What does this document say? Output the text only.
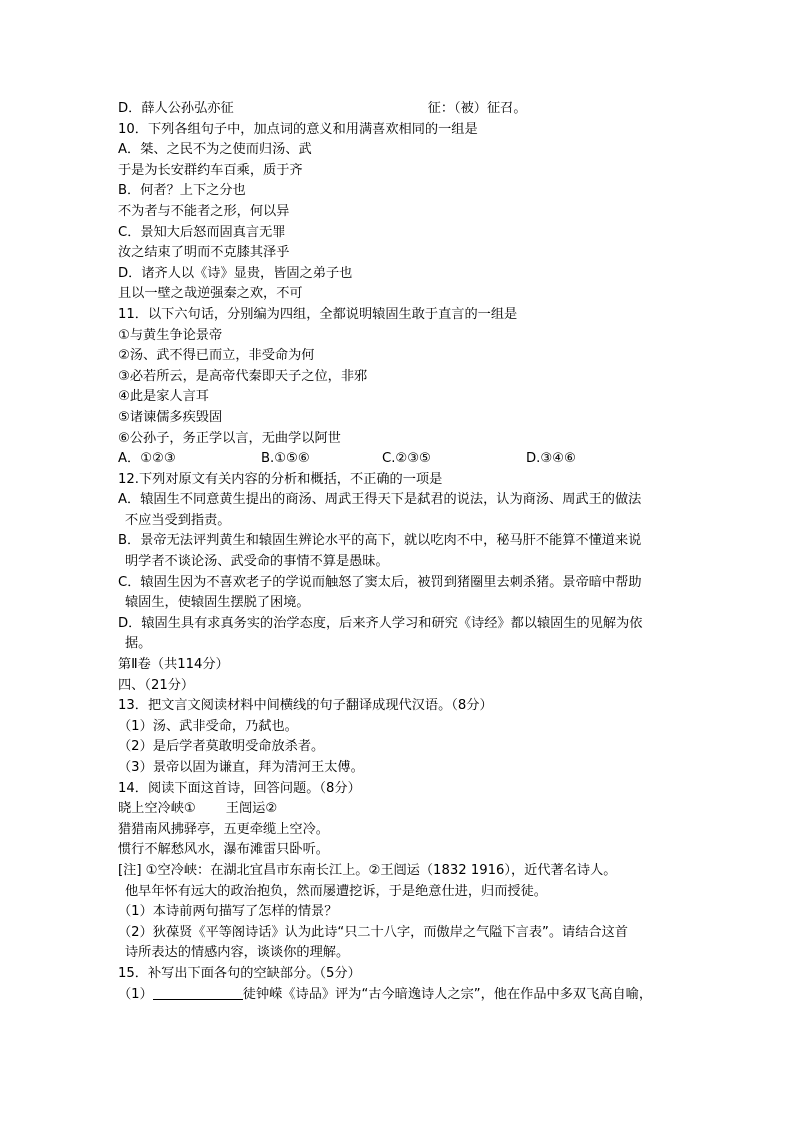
D．薛人公孙弘亦征	征：（被）征召。
10．下列各组句子中，加点词的意义和用满喜欢相同的一组是
A．桀、之民不为之使而归汤、武
于是为长安群约车百乘，质于齐
B．何者？上下之分也
不为者与不能者之形，何以异
C．景知大后怒而固真言无罪
汝之结束了明而不克膝其泽乎
D．诸齐人以《诗》显贵，皆固之弟子也
且以一壁之哉逆强秦之欢，不可
11．以下六句话，分别编为四组，全都说明辕固生敢于直言的一组是
①与黄生争论景帝
②汤、武不得已而立，非受命为何
③必若所云，是高帝代秦即天子之位，非邪
④此是家人言耳
⑤诸谏儒多疾毁固
⑥公孙子，务正学以言，无曲学以阿世
A．①②③	B.①⑤⑥	C.②③⑤	D.③④⑥
12.下列对原文有关内容的分析和概括，不正确的一项是
A．辕固生不同意黄生提出的商汤、周武王得天下是弑君的说法，认为商汤、周武王的做法
不应当受到指责。
B．景帝无法评判黄生和辕固生辨论水平的高下，就以吃肉不中，秘马肝不能算不懂道来说
明学者不谈论汤、武受命的事情不算是愚昧。
C．辕固生因为不喜欢老子的学说而触怒了窦太后，被罚到猪圈里去刺杀猪。景帝暗中帮助
辕固生，使辕固生摆脱了困境。
D．辕固生具有求真务实的治学态度，后来齐人学习和研究《诗经》都以辕固生的见解为依
据。
第Ⅱ卷（共114分）
四、（21分）
13．把文言文阅读材料中间横线的句子翻译成现代汉语。（8分）
（1）汤、武非受命，乃弑也。
（2）是后学者莫敢明受命放杀者。
（3）景帝以固为谦直，拜为清河王太傅。
14．阅读下面这首诗，回答问题。（8分）
晓上空冷峡① 王闿运②
猎猎南风拂驿亭，五更牵缆上空冷。
惯行不解愁风水，瀑布滩雷只卧听。
[注] ①空冷峡：在湖北宜昌市东南长江上。②王闿运（1832 1916），近代著名诗人。
他早年怀有远大的政治抱负，然而屡遭挖诉，于是绝意仕进，归而授徒。
（1）本诗前两句描写了怎样的情景？
（2）狄葆贤《平等阁诗话》认为此诗“只二十八字，而傲岸之气隘下言表”。请结合这首
诗所表达的情感内容，谈谈你的理解。
15．补写出下面各句的空缺部分。（5分）
（1）	徒钟嵘《诗品》评为“古今暗逸诗人之宗”，他在作品中多双飞高自喻，
